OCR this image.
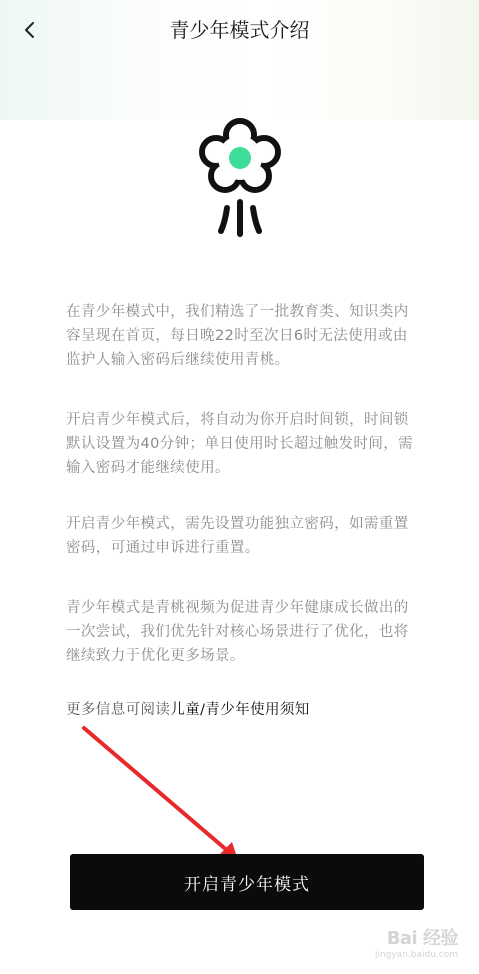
青少年模式介绍

在青少年模式中，我们精选了一批教育类、知识类内容呈现在首页，每日晚22时至次日6时无法使用或由监护人输入密码后继续使用青桃。

开启青少年模式后，将自动为你开启时间锁，时间锁默认设置为40分钟；单日使用时长超过触发时间，需输入密码才能继续使用。

开启青少年模式，需先设置功能独立密码，如需重置密码，可通过申诉进行重置。

青少年模式是青桃视频为促进青少年健康成长做出的一次尝试，我们优先针对核心场景进行了优化，也将继续致力于优化更多场景。

更多信息可阅读儿童/青少年使用须知
开启青少年模式
Bai 经验
jingyan.baidu.com
